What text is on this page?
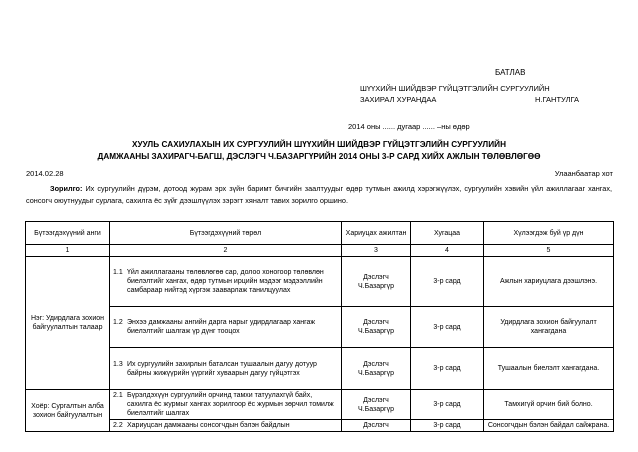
БАТЛАВ
ШҮҮХИЙН ШИЙДВЭР ГҮЙЦЭТГЭЛИЙН СУРГУУЛИЙН
ЗАХИРАЛ ХУРАНДАА	Н.ГАНТУЛГА
2014 оны ...... дугаар ...... –ны өдөр
ХУУЛЬ САХИУЛАХЫН ИХ СУРГУУЛИЙН ШҮҮХИЙН ШИЙДВЭР ГҮЙЦЭТГЭЛИЙН СУРГУУЛИЙН
ДАМЖААНЫ ЗАХИРАГЧ-БАГШ, ДЭСЛЭГЧ Ч.БАЗАРГҮРИЙН 2014 ОНЫ 3-Р САРД ХИЙХ АЖЛЫН ТӨЛӨВЛӨГӨӨ
2014.02.28	Улаанбаатар хот
Зорилго: Их сургуулийн дүрэм, дотоод журам эрх зүйн баримт бичгийн заалтуудыг өдөр тутмын ажилд хэрэгжүүлэх, сургуулийн хэвийн үйл ажиллагааг хангах, сонсогч оюутнуудыг сурлага, сахилга ёс зүйг дээшлүүлэх зэрэгт хяналт тавих зорилго оршино.
Бүтээгдэхүүний анги	Бүтээгдэхүүний төрөл	Хариуцах ажилтан	Хугацаа	Хүлээгдэж буй үр дүн
1	2	3	4	5
Нэг: Удирдлага зохион байгуулалтын талаар	1.1 Үйл ажиллагааны төлөвлөгөө сар, долоо хоногоор төлөвлөн биелэлтийг хангах, өдөр тутмын ирцийн мэдээг мэдээллийн самбараар нийтэд хүргэж зааварлаж танилцуулах	Дэслэгч Ч.Базаргүр	3-р сард	Ажлын хариуцлага дээшлэнэ.
	1.2 Энхээ дамжааны ангийн дарга нарыг удирдлагаар хангаж биелэлтийг шалгаж үр дүнг тооцох	Дэслэгч Ч.Базаргүр	3-р сард	Удирдлага зохион байгуулалт хангагдана
	1.3 Их сургуулийн захирлын баталсан тушаалын дагуу дотуур байрны жижүүрийн үүргийг хуваарын дагуу гүйцэтгэх	Дэслэгч Ч.Базаргүр	3-р сард	Тушаалын биелэлт хангагдана.
Хоёр: Сургалтын алба зохион байгуулалтын	2.1 Бүрэлдэхүүн сургуулийн орчинд тамхи татуулахгүй байх, сахилга ёс журмыг хангах зорилгоор ёс журмын зөрчил томилж биелэлтийг шалгах	Дэслэгч Ч.Базаргүр	3-р сард	Тамхигүй орчин бий болно.
	2.2 Хариуцсан дамжааны сонсогчдын бэлэн байдлын	Дэслэгч	3-р сард	Сонсогчдын бэлэн байдал сайжрана.
